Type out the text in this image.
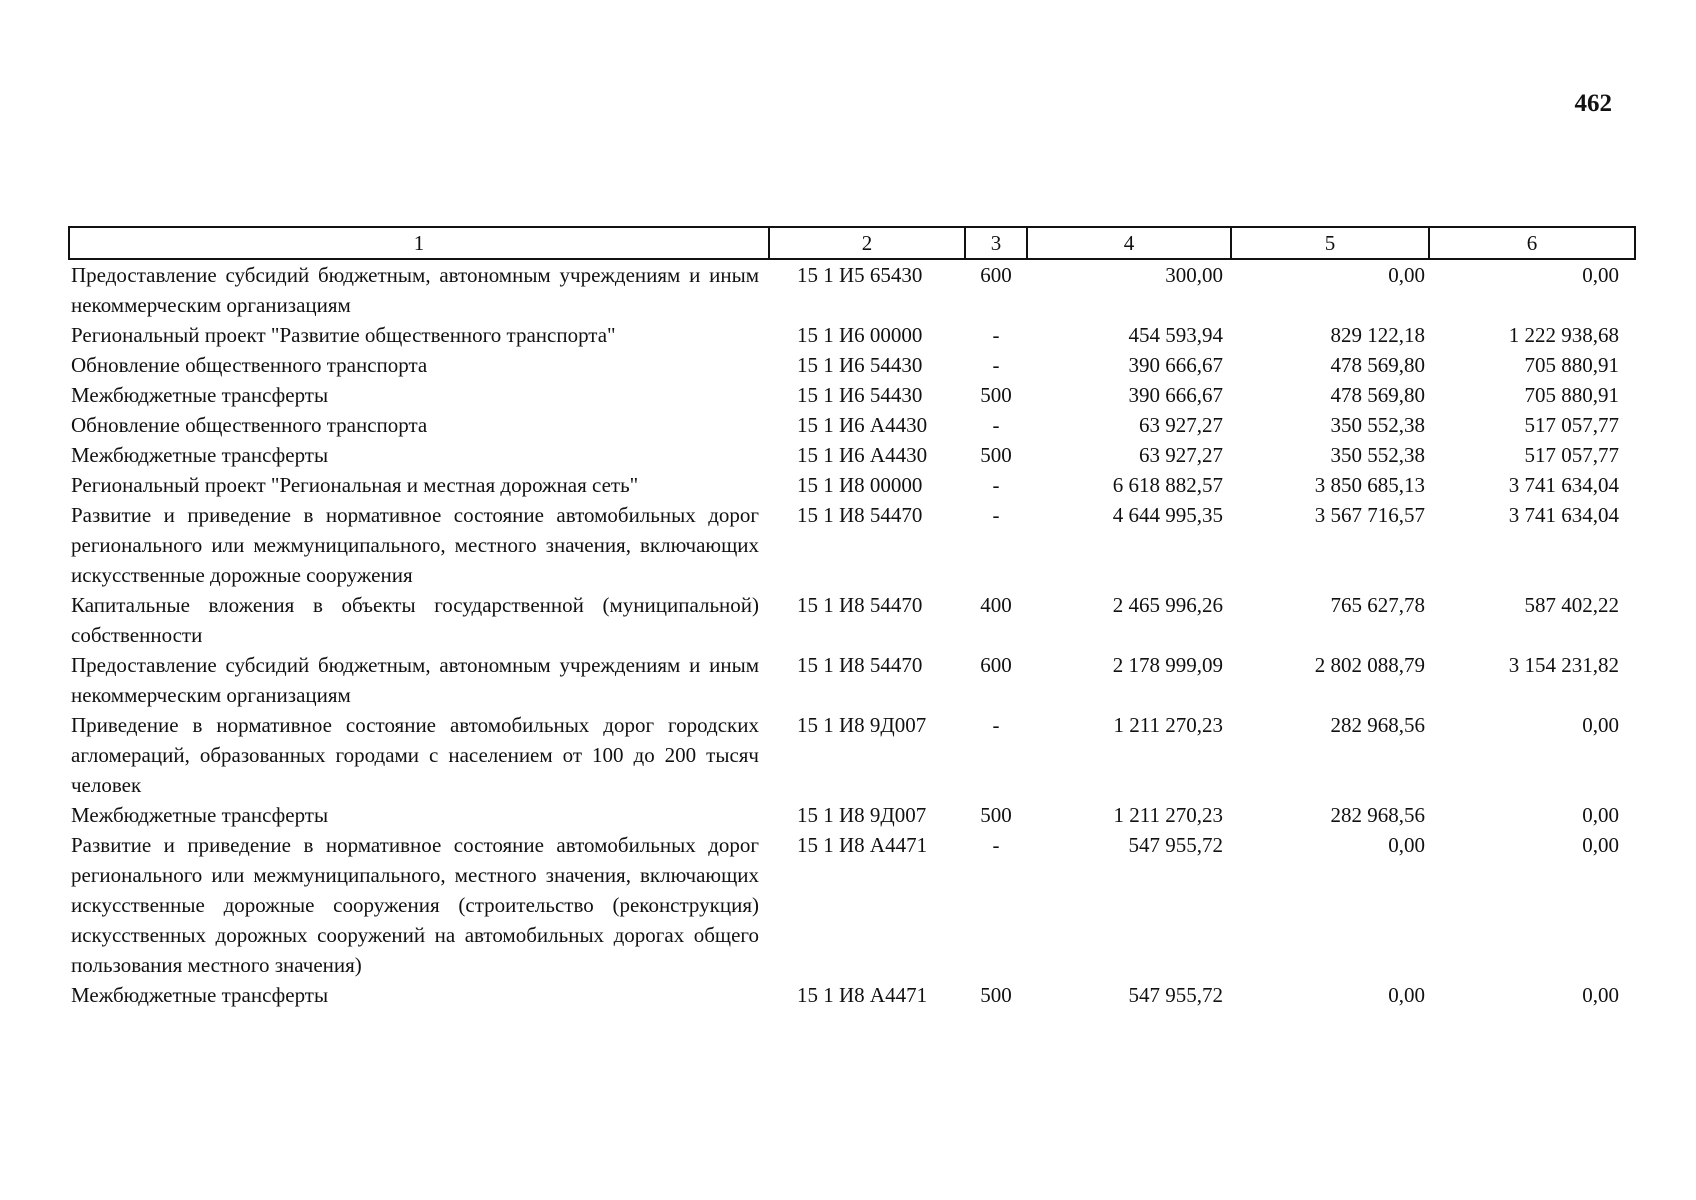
462
1	2	3	4	5	6
Предоставление субсидий бюджетным, автономным учреждениям и иным некоммерческим организациям	15 1 И5 65430	600	300,00	0,00	0,00
Региональный проект "Развитие общественного транспорта"	15 1 И6 00000	-	454 593,94	829 122,18	1 222 938,68
Обновление общественного транспорта	15 1 И6 54430	-	390 666,67	478 569,80	705 880,91
Межбюджетные трансферты	15 1 И6 54430	500	390 666,67	478 569,80	705 880,91
Обновление общественного транспорта	15 1 И6 А4430	-	63 927,27	350 552,38	517 057,77
Межбюджетные трансферты	15 1 И6 А4430	500	63 927,27	350 552,38	517 057,77
Региональный проект "Региональная и местная дорожная сеть"	15 1 И8 00000	-	6 618 882,57	3 850 685,13	3 741 634,04
Развитие и приведение в нормативное состояние автомобильных дорог регионального или межмуниципального, местного значения, включающих искусственные дорожные сооружения	15 1 И8 54470	-	4 644 995,35	3 567 716,57	3 741 634,04
Капитальные вложения в объекты государственной (муниципальной) собственности	15 1 И8 54470	400	2 465 996,26	765 627,78	587 402,22
Предоставление субсидий бюджетным, автономным учреждениям и иным некоммерческим организациям	15 1 И8 54470	600	2 178 999,09	2 802 088,79	3 154 231,82
Приведение в нормативное состояние автомобильных дорог городских агломераций, образованных городами с населением от 100 до 200 тысяч человек	15 1 И8 9Д007	-	1 211 270,23	282 968,56	0,00
Межбюджетные трансферты	15 1 И8 9Д007	500	1 211 270,23	282 968,56	0,00
Развитие и приведение в нормативное состояние автомобильных дорог регионального или межмуниципального, местного значения, включающих искусственные дорожные сооружения (строительство (реконструкция) искусственных дорожных сооружений на автомобильных дорогах общего пользования местного значения)	15 1 И8 А4471	-	547 955,72	0,00	0,00
Межбюджетные трансферты	15 1 И8 А4471	500	547 955,72	0,00	0,00
